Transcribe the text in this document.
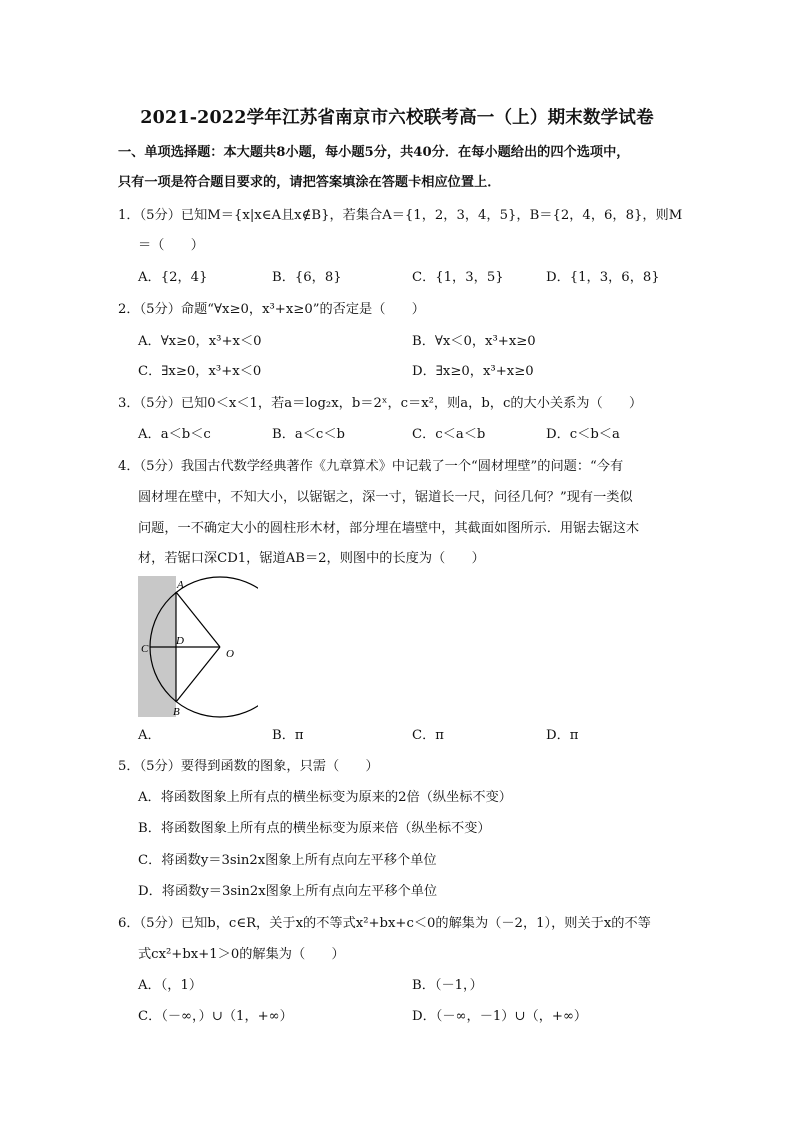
2021-2022学年江苏省南京市六校联考高一（上）期末数学试卷
一、单项选择题：本大题共8小题，每小题5分，共40分．在每小题给出的四个选项中，
只有一项是符合题目要求的，请把答案填涂在答题卡相应位置上．
1．（5分）已知M＝{x|x∈A且x∉B}，若集合A＝{1，2，3，4，5}，B＝{2，4，6，8}，则M
＝（　　）
A．{2，4}	B．{6，8}	C．{1，3，5}	D．{1，3，6，8}
2．（5分）命题“∀x≥0，x³+x≥0”的否定是（　　）
A．∀x≥0，x³+x＜0	B．∀x＜0，x³+x≥0
C．∃x≥0，x³+x＜0	D．∃x≥0，x³+x≥0
3．（5分）已知0＜x＜1，若a＝log₂x，b＝2ˣ，c＝x²，则a，b，c的大小关系为（　　）
A．a＜b＜c	B．a＜c＜b	C．c＜a＜b	D．c＜b＜a
4．（5分）我国古代数学经典著作《九章算术》中记载了一个“圆材埋壁”的问题：“今有
圆材埋在壁中，不知大小，以锯锯之，深一寸，锯道长一尺，问径几何？”现有一类似
问题，一不确定大小的圆柱形木材，部分埋在墙壁中，其截面如图所示．用锯去锯这木
材，若锯口深CD1，锯道AB＝2，则图中的长度为（　　）
A
B
C
D
O
A．	B．π	C．π	D．π
5．（5分）要得到函数的图象，只需（　　）
A．将函数图象上所有点的横坐标变为原来的2倍（纵坐标不变）
B．将函数图象上所有点的横坐标变为原来倍（纵坐标不变）
C．将函数y＝3sin2x图象上所有点向左平移个单位
D．将函数y＝3sin2x图象上所有点向左平移个单位
6．（5分）已知b，c∈R，关于x的不等式x²+bx+c＜0的解集为（－2，1），则关于x的不等
式cx²+bx+1＞0的解集为（　　）
A．（，1）	B．（－1，）
C．（－∞，）∪（1，+∞）	D．（－∞，－1）∪（，+∞）
